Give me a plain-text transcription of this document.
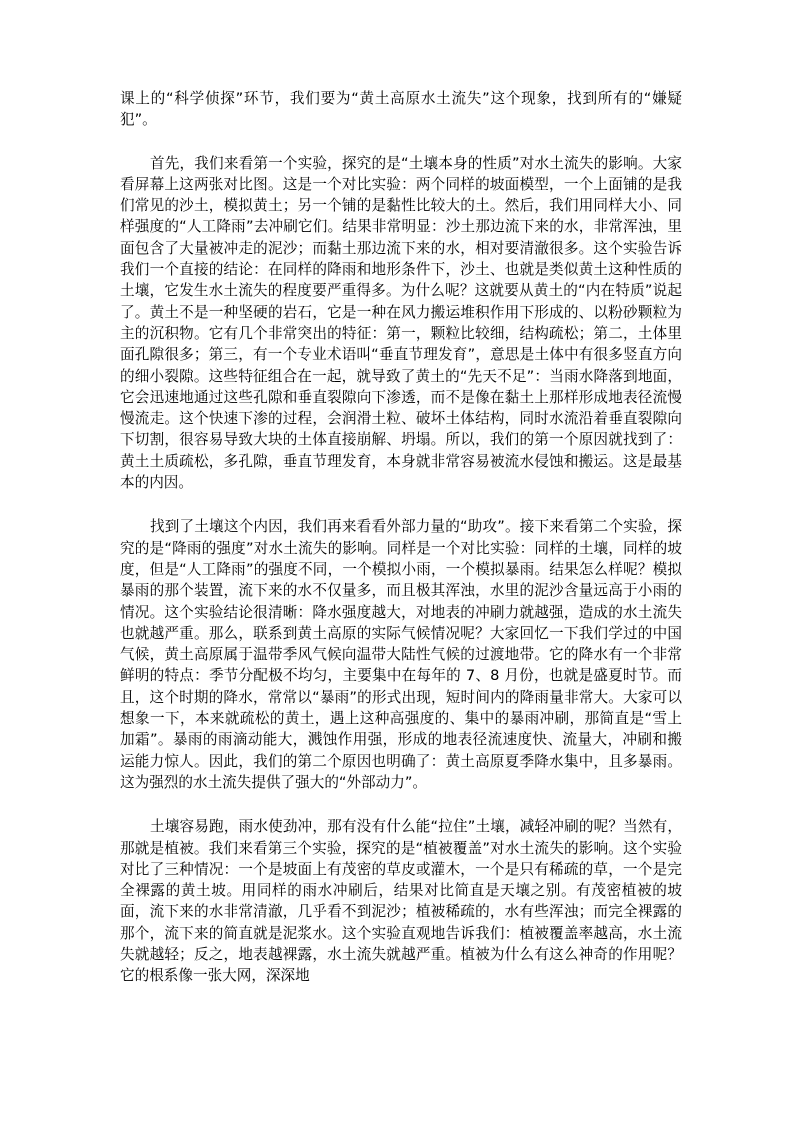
课上的“科学侦探”环节，我们要为“黄土高原水土流失”这个现象，找到所有的“嫌疑犯”。

首先，我们来看第一个实验，探究的是“土壤本身的性质”对水土流失的影响。大家看屏幕上这两张对比图。这是一个对比实验：两个同样的坡面模型，一个上面铺的是我们常见的沙土，模拟黄土；另一个铺的是黏性比较大的土。然后，我们用同样大小、同样强度的“人工降雨”去冲刷它们。结果非常明显：沙土那边流下来的水，非常浑浊，里面包含了大量被冲走的泥沙；而黏土那边流下来的水，相对要清澈很多。这个实验告诉我们一个直接的结论：在同样的降雨和地形条件下，沙土、也就是类似黄土这种性质的土壤，它发生水土流失的程度要严重得多。为什么呢？这就要从黄土的“内在特质”说起了。黄土不是一种坚硬的岩石，它是一种在风力搬运堆积作用下形成的、以粉砂颗粒为主的沉积物。它有几个非常突出的特征：第一，颗粒比较细，结构疏松；第二，土体里面孔隙很多；第三，有一个专业术语叫“垂直节理发育”，意思是土体中有很多竖直方向的细小裂隙。这些特征组合在一起，就导致了黄土的“先天不足”：当雨水降落到地面，它会迅速地通过这些孔隙和垂直裂隙向下渗透，而不是像在黏土上那样形成地表径流慢慢流走。这个快速下渗的过程，会润滑土粒、破坏土体结构，同时水流沿着垂直裂隙向下切割，很容易导致大块的土体直接崩解、坍塌。所以，我们的第一个原因就找到了：黄土土质疏松，多孔隙，垂直节理发育，本身就非常容易被流水侵蚀和搬运。这是最基本的内因。

找到了土壤这个内因，我们再来看看外部力量的“助攻”。接下来看第二个实验，探究的是“降雨的强度”对水土流失的影响。同样是一个对比实验：同样的土壤，同样的坡度，但是“人工降雨”的强度不同，一个模拟小雨，一个模拟暴雨。结果怎么样呢？模拟暴雨的那个装置，流下来的水不仅量多，而且极其浑浊，水里的泥沙含量远高于小雨的情况。这个实验结论很清晰：降水强度越大，对地表的冲刷力就越强，造成的水土流失也就越严重。那么，联系到黄土高原的实际气候情况呢？大家回忆一下我们学过的中国气候，黄土高原属于温带季风气候向温带大陆性气候的过渡地带。它的降水有一个非常鲜明的特点：季节分配极不均匀，主要集中在每年的 7、8 月份，也就是盛夏时节。而且，这个时期的降水，常常以“暴雨”的形式出现，短时间内的降雨量非常大。大家可以想象一下，本来就疏松的黄土，遇上这种高强度的、集中的暴雨冲刷，那简直是“雪上加霜”。暴雨的雨滴动能大，溅蚀作用强，形成的地表径流速度快、流量大，冲刷和搬运能力惊人。因此，我们的第二个原因也明确了：黄土高原夏季降水集中，且多暴雨。这为强烈的水土流失提供了强大的“外部动力”。

土壤容易跑，雨水使劲冲，那有没有什么能“拉住”土壤，减轻冲刷的呢？当然有，那就是植被。我们来看第三个实验，探究的是“植被覆盖”对水土流失的影响。这个实验对比了三种情况：一个是坡面上有茂密的草皮或灌木，一个是只有稀疏的草，一个是完全裸露的黄土坡。用同样的雨水冲刷后，结果对比简直是天壤之别。有茂密植被的坡面，流下来的水非常清澈，几乎看不到泥沙；植被稀疏的，水有些浑浊；而完全裸露的那个，流下来的简直就是泥浆水。这个实验直观地告诉我们：植被覆盖率越高，水土流失就越轻；反之，地表越裸露，水土流失就越严重。植被为什么有这么神奇的作用呢？它的根系像一张大网，深深地
